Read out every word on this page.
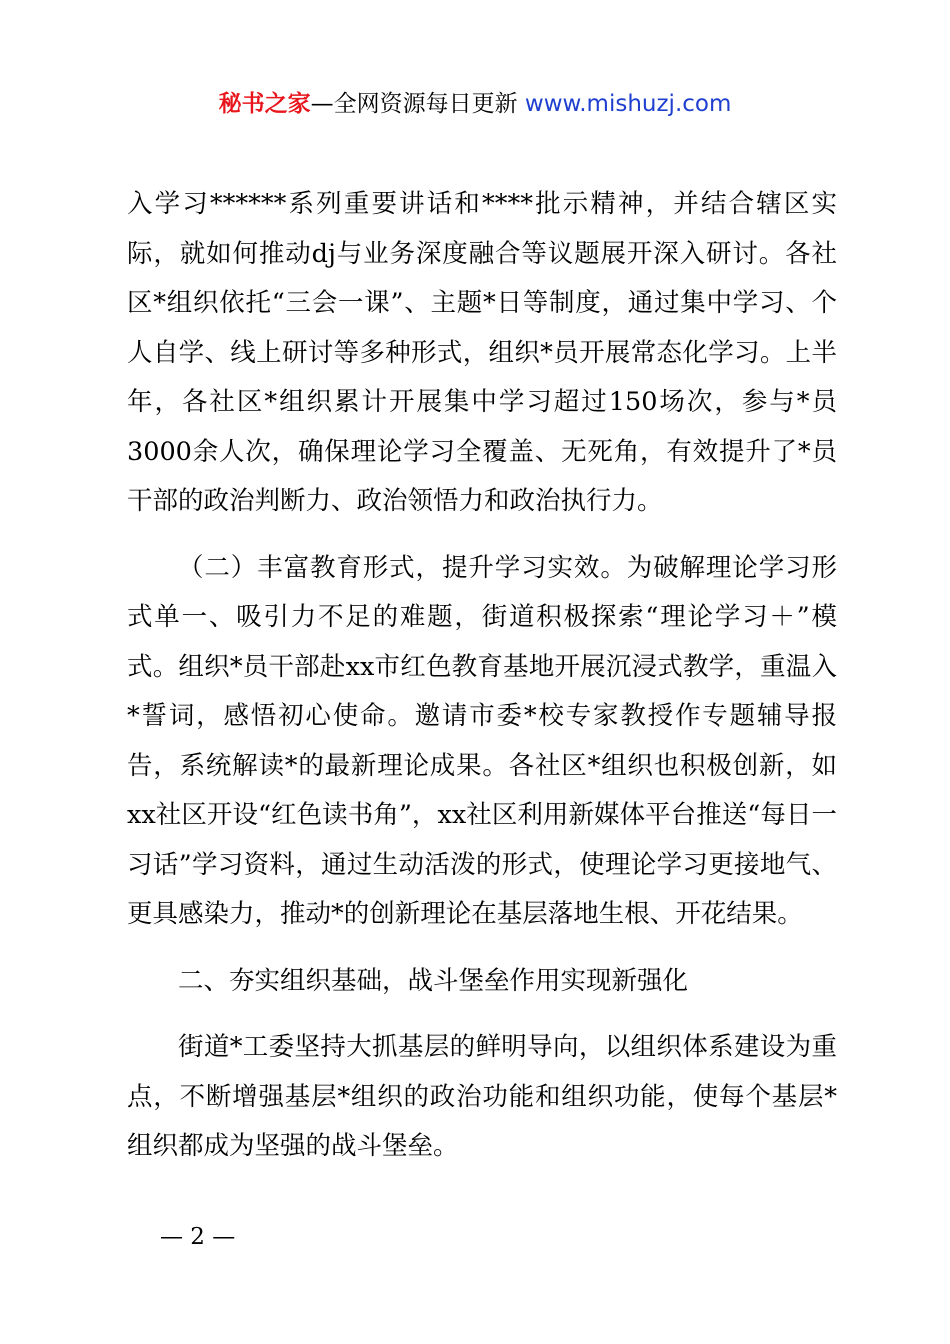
秘书之家—全网资源每日更新 www.mishuzj.com

入学习******系列重要讲话和****批示精神，并结合辖区实际，就如何推动dj与业务深度融合等议题展开深入研讨。各社区*组织依托“三会一课”、主题*日等制度，通过集中学习、个人自学、线上研讨等多种形式，组织*员开展常态化学习。上半年，各社区*组织累计开展集中学习超过150场次，参与*员3000余人次，确保理论学习全覆盖、无死角，有效提升了*员干部的政治判断力、政治领悟力和政治执行力。

（二）丰富教育形式，提升学习实效。为破解理论学习形式单一、吸引力不足的难题，街道积极探索“理论学习＋”模式。组织*员干部赴xx市红色教育基地开展沉浸式教学，重温入*誓词，感悟初心使命。邀请市委*校专家教授作专题辅导报告，系统解读*的最新理论成果。各社区*组织也积极创新，如xx社区开设“红色读书角”，xx社区利用新媒体平台推送“每日一习话”学习资料，通过生动活泼的形式，使理论学习更接地气、更具感染力，推动*的创新理论在基层落地生根、开花结果。

二、夯实组织基础，战斗堡垒作用实现新强化

街道*工委坚持大抓基层的鲜明导向，以组织体系建设为重点，不断增强基层*组织的政治功能和组织功能，使每个基层*组织都成为坚强的战斗堡垒。

— 2 —
